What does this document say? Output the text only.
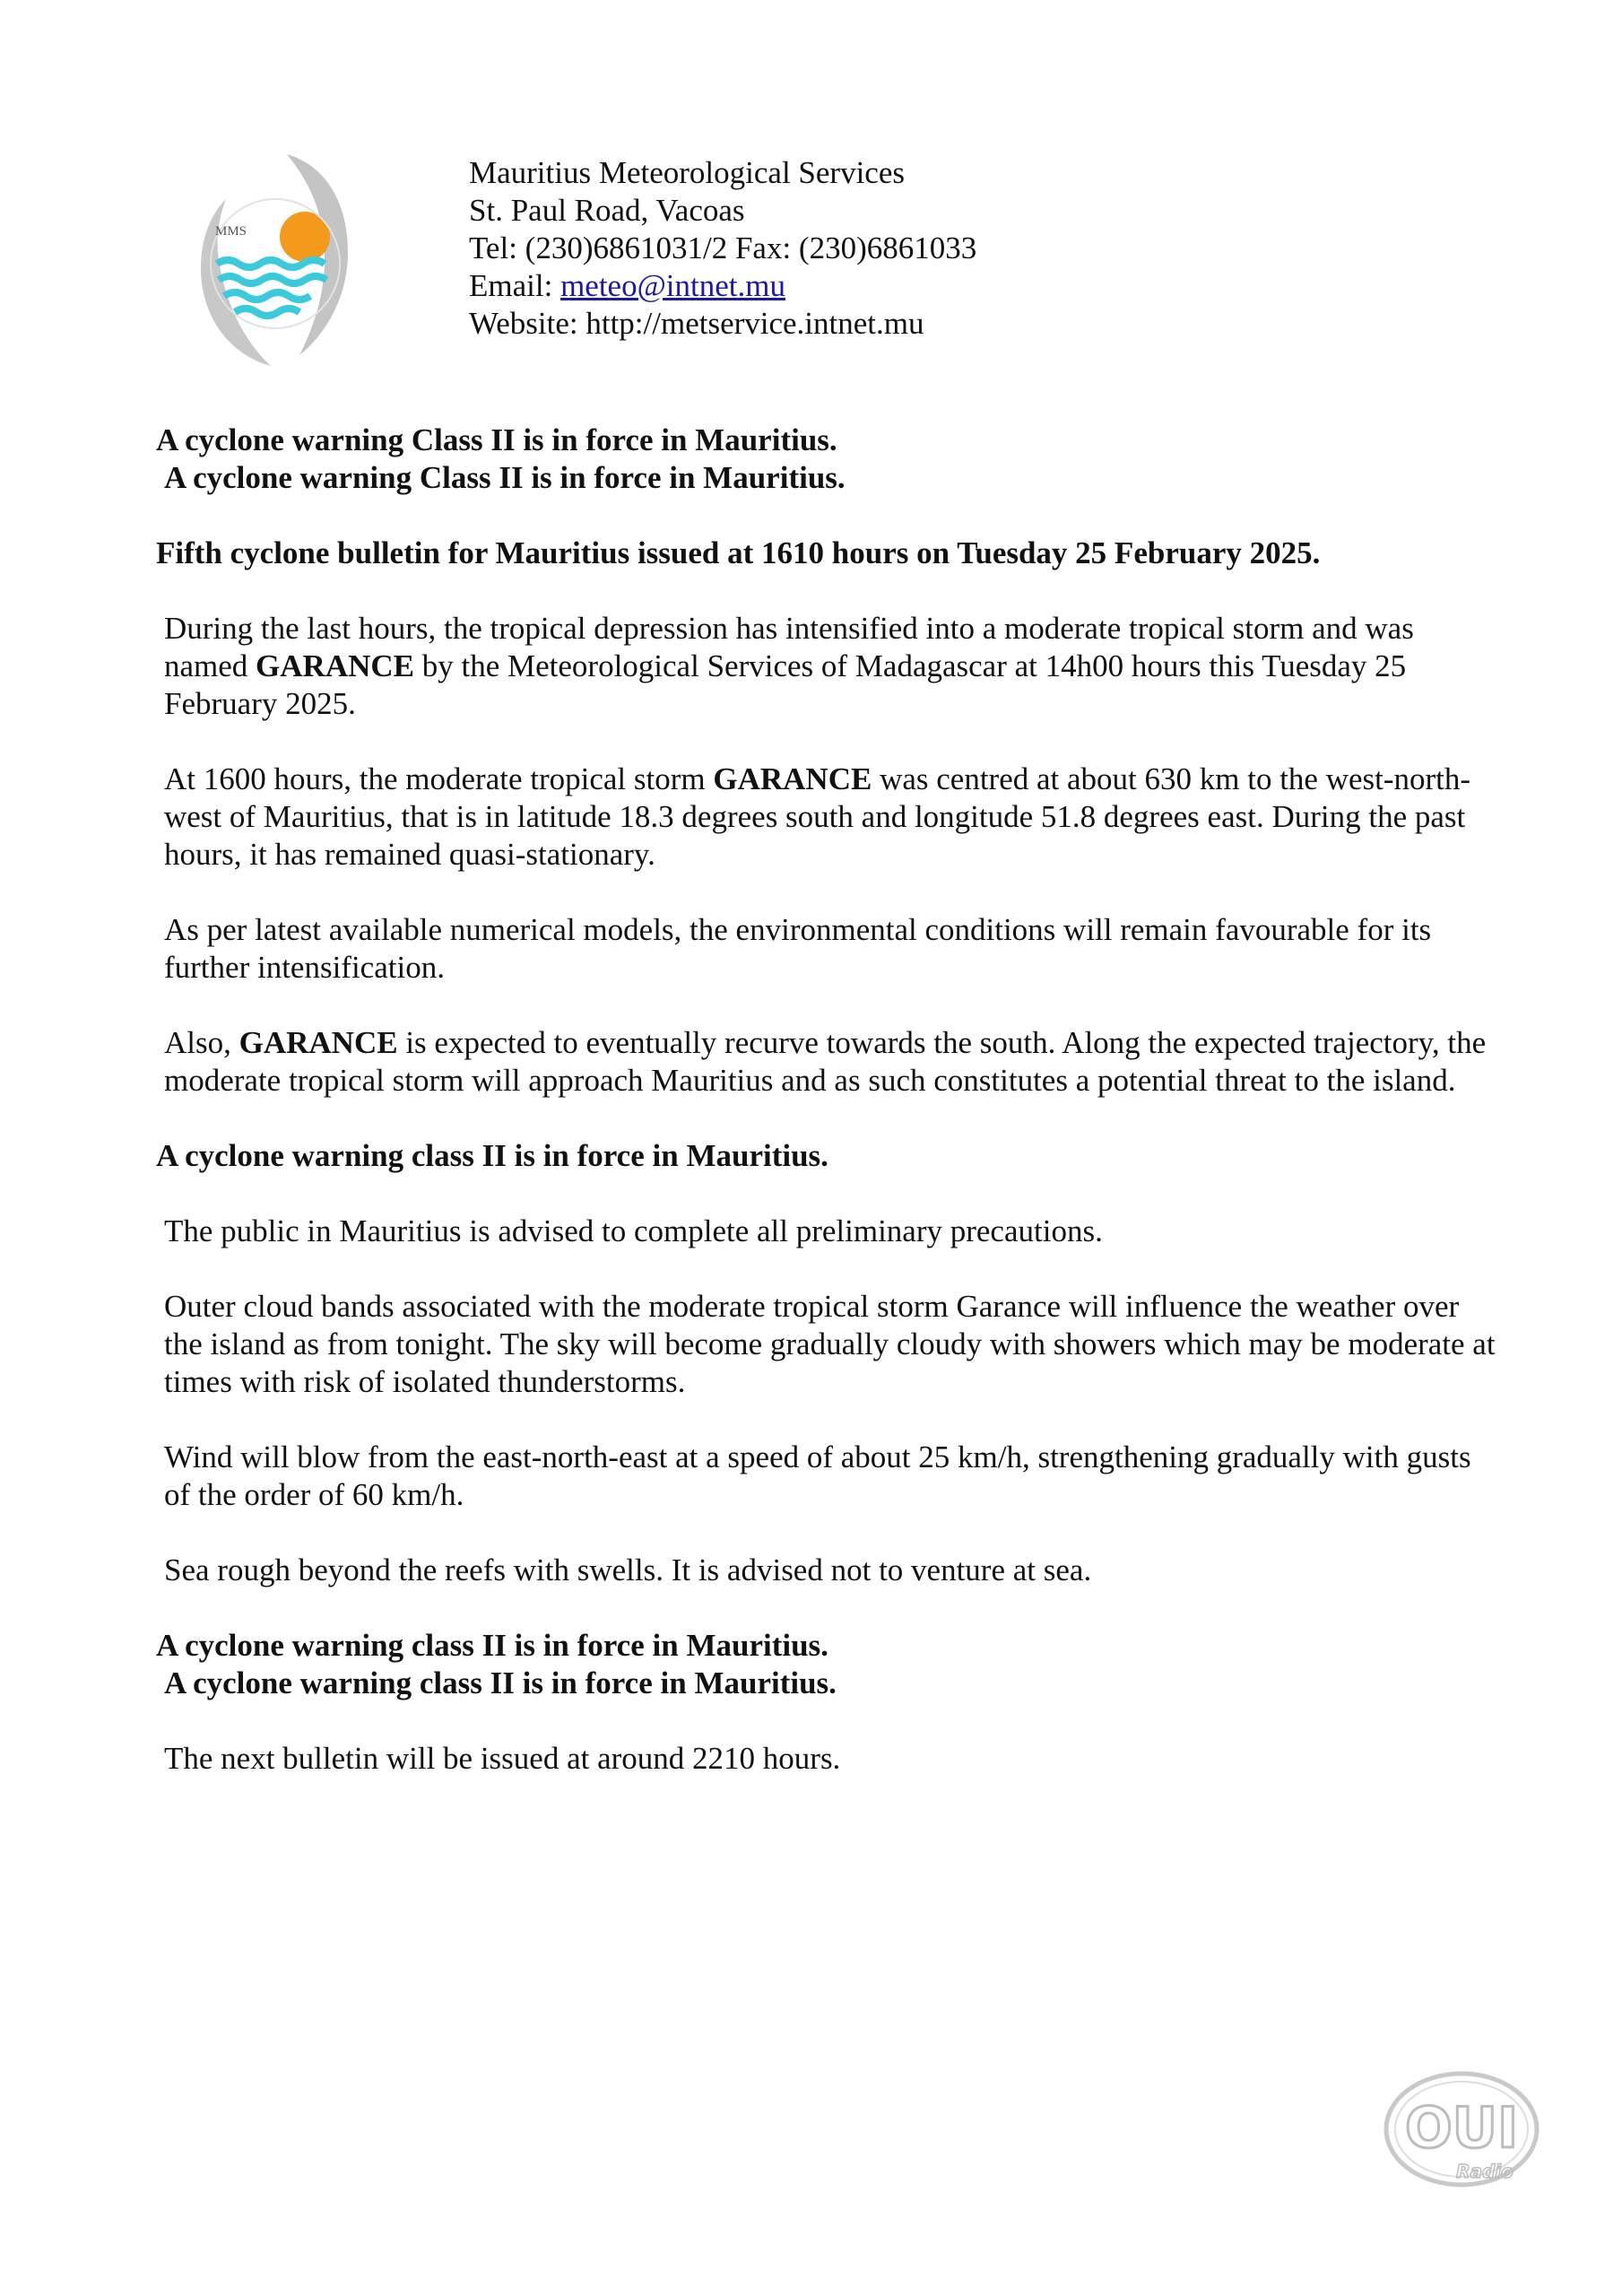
MMS
Mauritius Meteorological Services
St. Paul Road, Vacoas
Tel: (230)6861031/2 Fax: (230)6861033
Email: meteo@intnet.mu
Website: http://metservice.intnet.mu
A cyclone warning Class II is in force in Mauritius.
A cyclone warning Class II is in force in Mauritius.
Fifth cyclone bulletin for Mauritius issued at 1610 hours on Tuesday 25 February 2025.
During the last hours, the tropical depression has intensified into a moderate tropical storm and was named GARANCE by the Meteorological Services of Madagascar at 14h00 hours this Tuesday 25 February 2025.
At 1600 hours, the moderate tropical storm GARANCE was centred at about 630 km to the west-north-west of Mauritius, that is in latitude 18.3 degrees south and longitude 51.8 degrees east. During the past hours, it has remained quasi-stationary.
As per latest available numerical models, the environmental conditions will remain favourable for its further intensification.
Also, GARANCE is expected to eventually recurve towards the south. Along the expected trajectory, the moderate tropical storm will approach Mauritius and as such constitutes a potential threat to the island.
A cyclone warning class II is in force in Mauritius.
The public in Mauritius is advised to complete all preliminary precautions.
Outer cloud bands associated with the moderate tropical storm Garance will influence the weather over the island as from tonight. The sky will become gradually cloudy with showers which may be moderate at times with risk of isolated thunderstorms.
Wind will blow from the east-north-east at a speed of about 25 km/h, strengthening gradually with gusts of the order of 60 km/h.
Sea rough beyond the reefs with swells. It is advised not to venture at sea.
A cyclone warning class II is in force in Mauritius.
A cyclone warning class II is in force in Mauritius.
The next bulletin will be issued at around 2210 hours.
OUI
Radio
